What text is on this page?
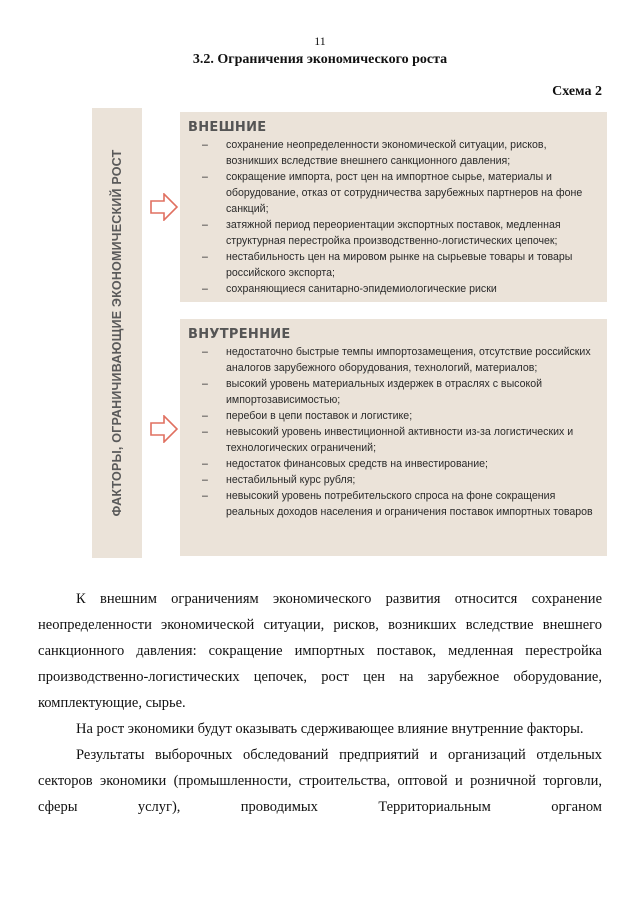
11
3.2. Ограничения экономического роста
Схема 2
ФАКТОРЫ, ОГРАНИЧИВАЮЩИЕ ЭКОНОМИЧЕСКИЙ РОСТ
ВНЕШНИЕ
– сохранение неопределенности экономической ситуации, рисков, возникших вследствие внешнего санкционного давления;
– сокращение импорта, рост цен на импортное сырье, материалы и оборудование, отказ от сотрудничества зарубежных партнеров на фоне санкций;
– затяжной период переориентации экспортных поставок, медленная структурная перестройка производственно-логистических цепочек;
– нестабильность цен на мировом рынке на сырьевые товары и товары российского экспорта;
– сохраняющиеся санитарно-эпидемиологические риски
ВНУТРЕННИЕ
– недостаточно быстрые темпы импортозамещения, отсутствие российских аналогов зарубежного оборудования, технологий, материалов;
– высокий уровень материальных издержек в отраслях с высокой импортозависимостью;
– перебои в цепи поставок и логистике;
– невысокий уровень инвестиционной активности из-за логистических и технологических ограничений;
– недостаток финансовых средств на инвестирование;
– нестабильный курс рубля;
– невысокий уровень потребительского спроса на фоне сокращения реальных доходов населения и ограничения поставок импортных товаров

К внешним ограничениям экономического развития относится сохранение неопределенности экономической ситуации, рисков, возникших вследствие внешнего санкционного давления: сокращение импортных поставок, медленная перестройка производственно-логистических цепочек, рост цен на зарубежное оборудование, комплектующие, сырье.

На рост экономики будут оказывать сдерживающее влияние внутренние факторы.

Результаты выборочных обследований предприятий и организаций отдельных секторов экономики (промышленности, строительства, оптовой и розничной торговли, сферы услуг), проводимых Территориальным органом
